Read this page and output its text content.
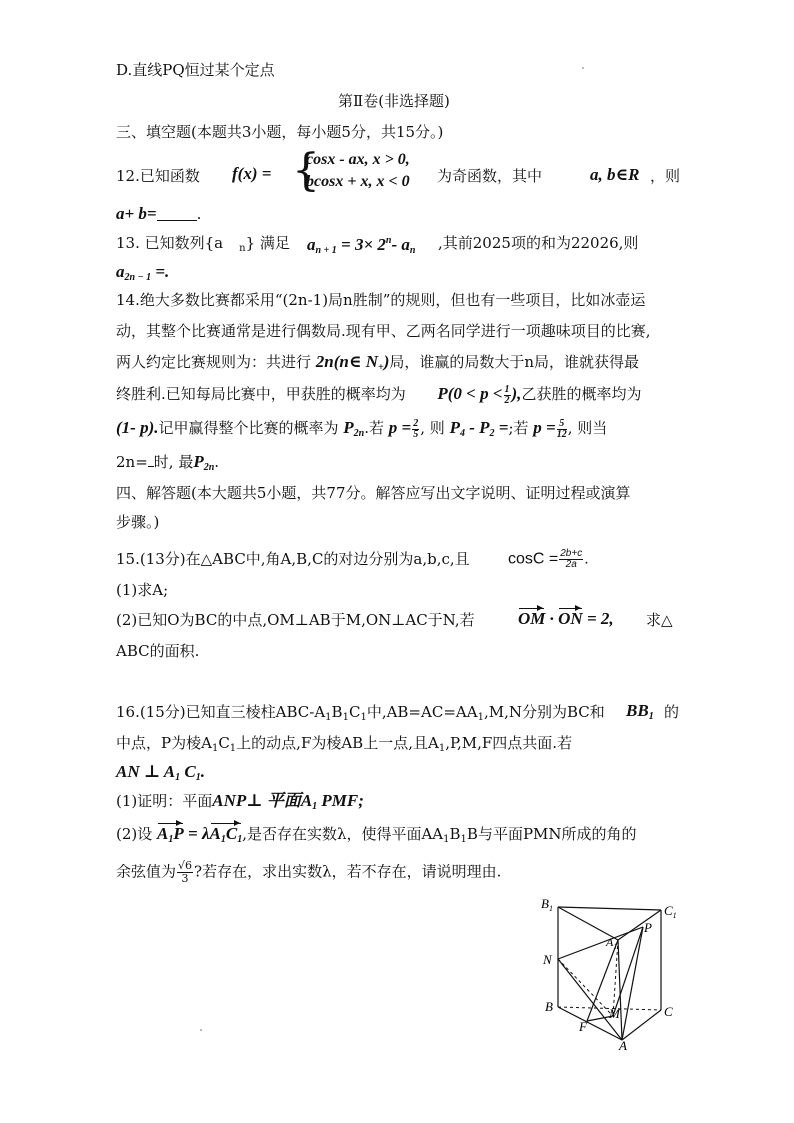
D.直线PQ恒过某个定点
第Ⅱ卷(非选择题)
三、填空题(本题共3小题，每小题5分，共15分。)
12.已知函数 f(x) = {
cosx - ax, x > 0,
bcosx + x, x < 0 为奇函数，其中	a, b∈R ，则
a+ b=	.
13. 已知数列{a $_n$} 满足 $a_{n + 1} = 3\times 2^n-$ $a_n$ ,其前2025项的和为22026,则
$a_{2n - 1}$ =.
14.绝大多数比赛都采用“(2n-1)局n胜制”的规则，但也有一些项目，比如冰壶运
动，其整个比赛通常是进行偶数局.现有甲、乙两名同学进行一项趣味项目的比赛,
两人约定比赛规则为：共进行 2n(n∈ $N_+$)局，谁赢的局数大于n局，谁就获得最
终胜利.已知每局比赛中，甲获胜的概率均为 $P(0 < p < \frac{1}{2}$ ),乙获胜的概率均为
(1- p).记甲赢得整个比赛的概率为 $P_{2n}$.若 $p = \frac{2}{5}$ , 则 $P_4 - P_2$ =;若 $p = \frac{5}{12}$ , 则当
2n= 时, 最$P_{2n}$.
四、解答题(本大题共5小题，共77分。解答应写出文字说明、证明过程或演算
步骤。)
15.(13分)在△ABC中,角A,B,C的对边分别为a,b,c,且 $\cos C = \frac{2b+c}{2a}$ .
(1)求A;
(2)已知O为BC的中点,OM⊥AB于M,ON⊥AC于N,若	OM · ON = 2, 求△
ABC的面积.
16.(15分)已知直三棱柱ABC-$A_1B_1C_1$中$,AB=AC=AA_1,M,N$分别为BC和 $BB_1$ 的
中点，P为棱$A_1C_1$上的动点,F为棱AB上一点,且$A_1,P,M,F$四点共面.若
AN ⊥ $A_1$ $C_1$.
(1)证明：平面ANP⊥ 平面$A_1$ PMF;
(2)设 $A_1P = \lambda A_1C_1$,是否存在实数λ，使得平面$AA_1B_1B$与平面PMN所成的角的
余弦值为 $\frac{√6}{3}$ ?若存在，求出实数λ，若不存在，请说明理由.
$B_1$	$C_1$
$A_1$
P
N
B	C
M
F
A
